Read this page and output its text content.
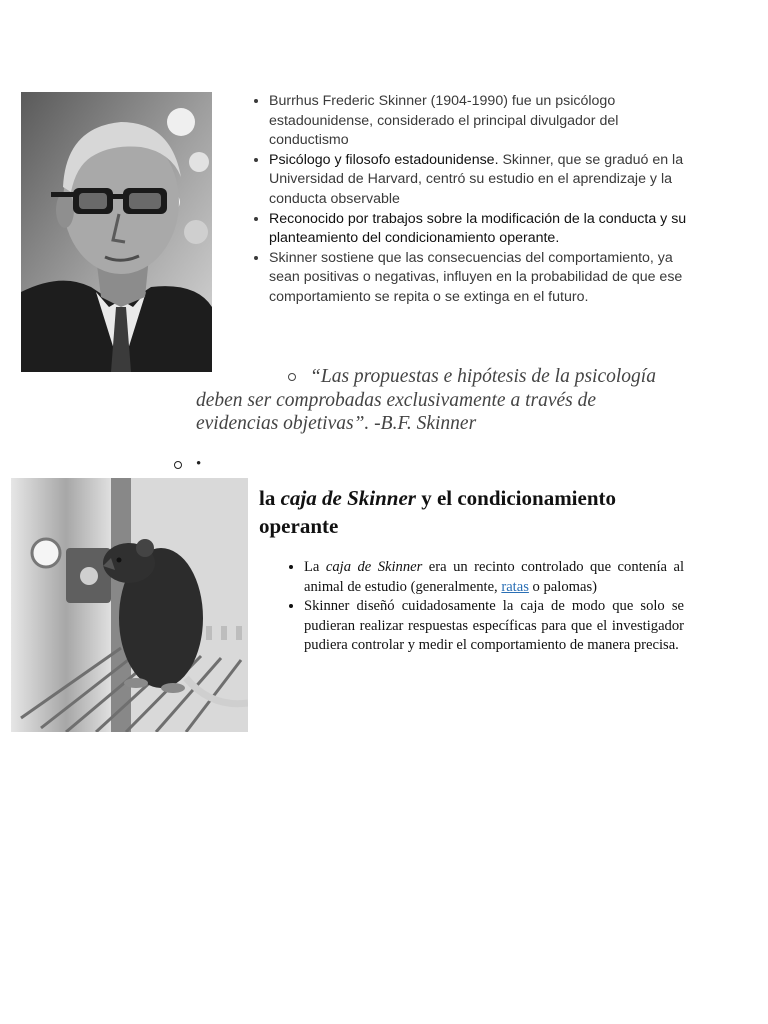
• Burrhus Frederic Skinner (1904-1990) fue un psicólogo estadounidense, considerado el principal divulgador del conductismo
• Psicólogo y filosofo estadounidense. Skinner, que se graduó en la Universidad de Harvard, centró su estudio en el aprendizaje y la conducta observable
• Reconocido por trabajos sobre la modificación de la conducta y su planteamiento del condicionamiento operante.
• Skinner sostiene que las consecuencias del comportamiento, ya sean positivas o negativas, influyen en la probabilidad de que ese comportamiento se repita o se extinga en el futuro.

“Las propuestas e hipótesis de la psicología deben ser comprobadas exclusivamente a través de evidencias objetivas”. -B.F. Skinner

•
la caja de Skinner y el condicionamiento operante
• La caja de Skinner era un recinto controlado que contenía al animal de estudio (generalmente, ratas o palomas)
• Skinner diseñó cuidadosamente la caja de modo que solo se pudieran realizar respuestas específicas para que el investigador pudiera controlar y medir el comportamiento de manera precisa.
